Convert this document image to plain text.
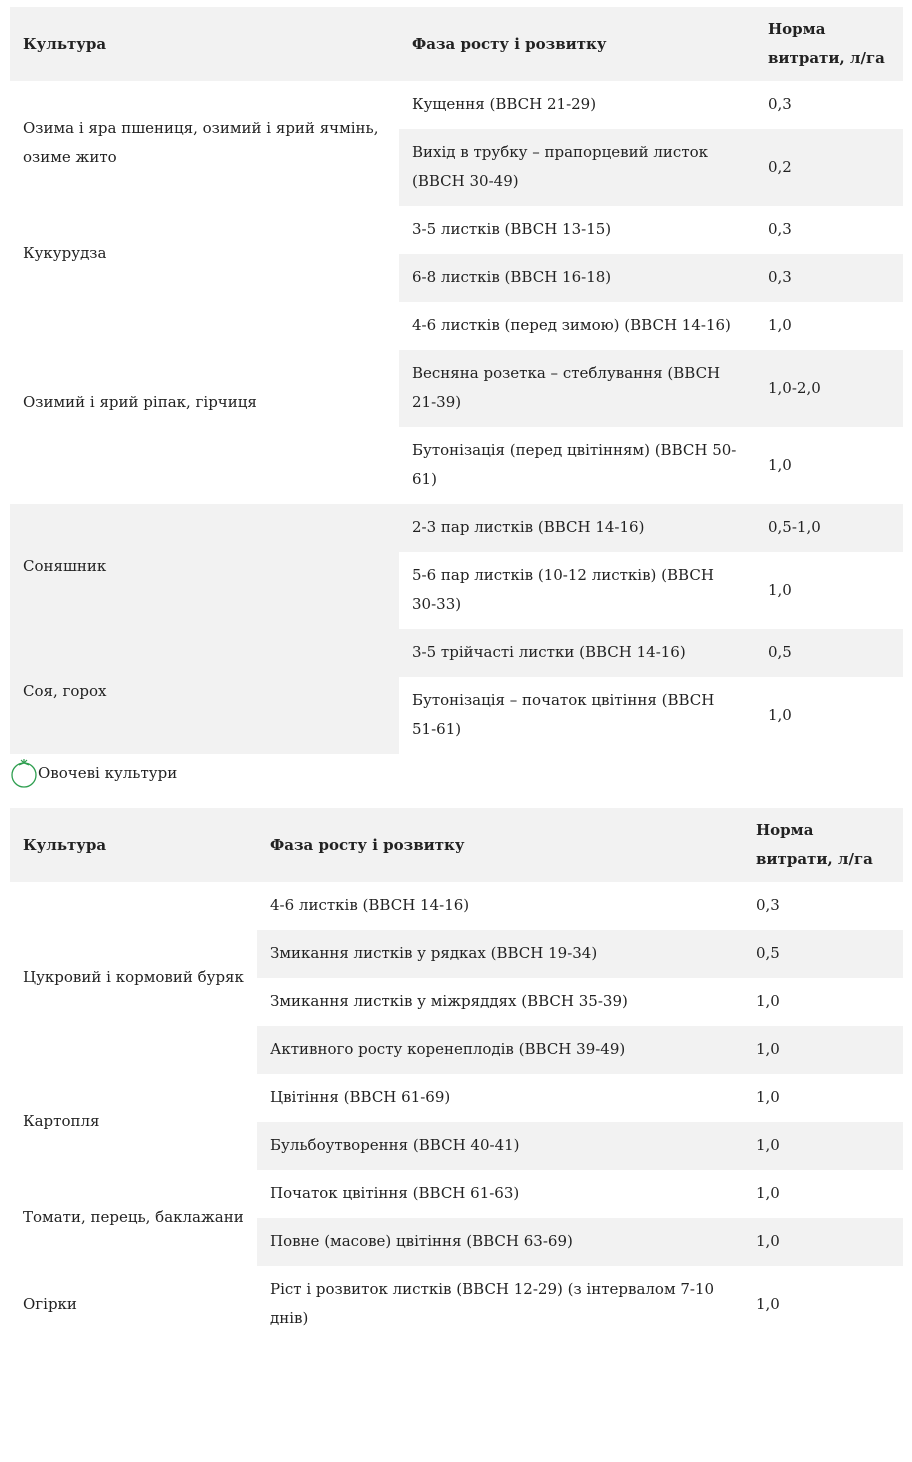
Культура	Фаза росту і розвитку	Норма витрати, л/га
Озима і яра пшениця, озимий і ярий ячмінь, озиме жито	Кущення (BBCH 21-29)	0,3
	Вихід в трубку – прапорцевий листок (BBCH 30-49)	0,2
Кукурудза	3-5 листків (BBCH 13-15)	0,3
	6-8 листків (BBCH 16-18)	0,3
Озимий і ярий ріпак, гірчиця	4-6 листків (перед зимою) (BBCH 14-16)	1,0
	Весняна розетка – стеблування (BBCH 21-39)	1,0-2,0
	Бутонізація (перед цвітінням) (BBCH 50-61)	1,0
Соняшник	2-3 пар листків (BBCH 14-16)	0,5-1,0
	5-6 пар листків (10-12 листків) (BBCH 30-33)	1,0
Соя, горох	3-5 трійчасті листки (BBCH 14-16)	0,5
	Бутонізація – початок цвітіння (BBCH 51-61)	1,0
Овочеві культури
Культура	Фаза росту і розвитку	Норма витрати, л/га
Цукровий і кормовий буряк	4-6 листків (BBCH 14-16)	0,3
	Змикання листків у рядках (BBCH 19-34)	0,5
	Змикання листків у міжряддях (BBCH 35-39)	1,0
	Активного росту коренеплодів (BBCH 39-49)	1,0
Картопля	Цвітіння (BBCH 61-69)	1,0
	Бульбоутворення (BBCH 40-41)	1,0
Томати, перець, баклажани	Початок цвітіння (BBCH 61-63)	1,0
	Повне (масове) цвітіння (BBCH 63-69)	1,0
Огірки	Ріст і розвиток листків (BBCH 12-29) (з інтервалом 7-10 днів)	1,0
